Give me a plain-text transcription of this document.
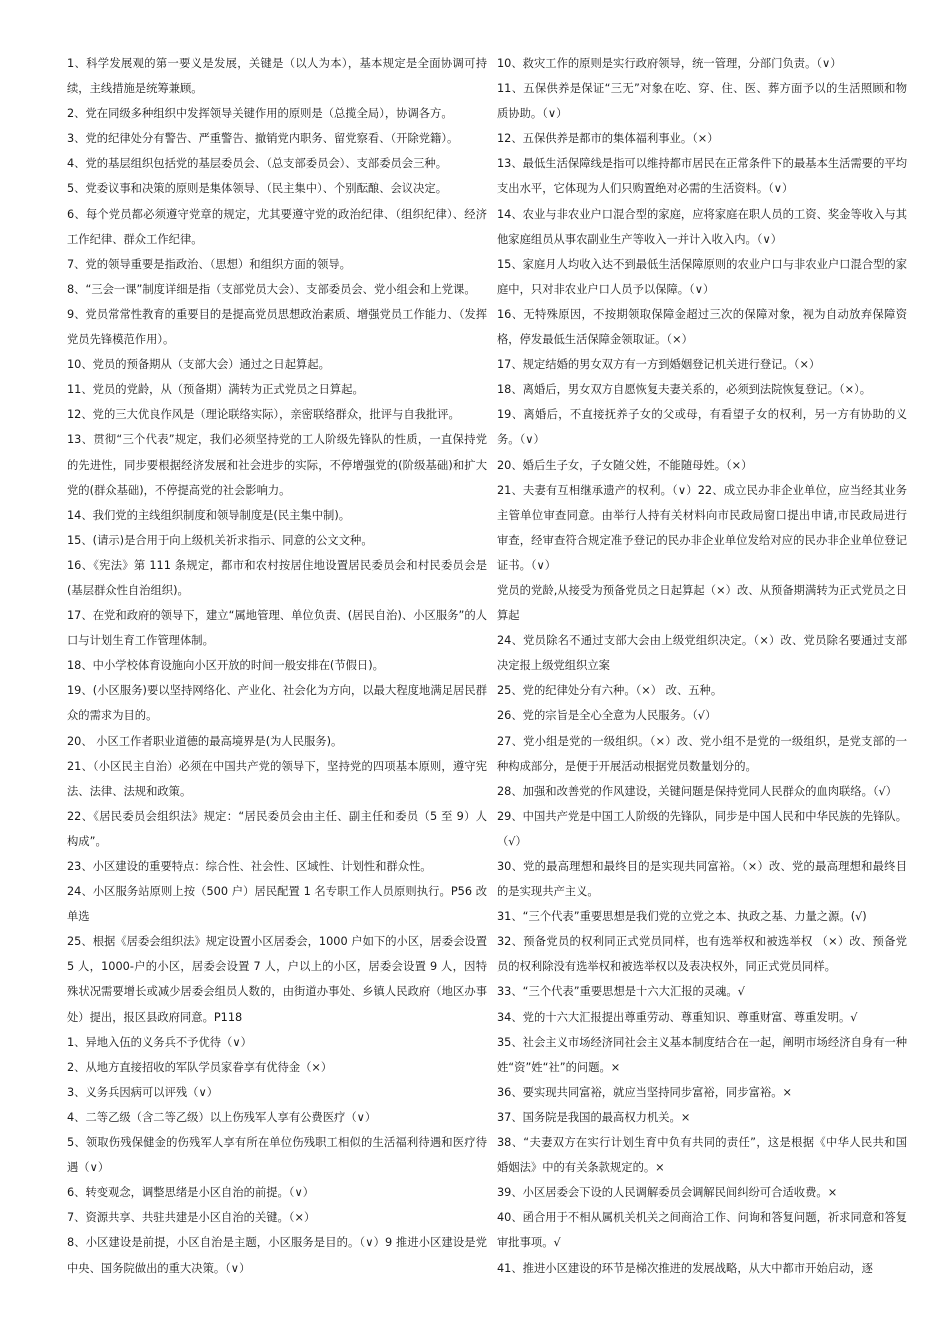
1、科学发展观的第一要义是发展，关键是（以人为本），基本规定是全面协调可持续，主线措施是统筹兼顾。

2、党在同级多种组织中发挥领导关键作用的原则是（总揽全局），协调各方。

3、党的纪律处分有警告、严重警告、撤销党内职务、留党察看、（开除党籍）。

4、党的基层组织包括党的基层委员会、（总支部委员会）、支部委员会三种。

5、党委议事和决策的原则是集体领导、（民主集中）、个别酝酿、会议决定。

6、每个党员都必须遵守党章的规定，尤其要遵守党的政治纪律、（组织纪律）、经济工作纪律、群众工作纪律。

7、党的领导重要是指政治、（思想）和组织方面的领导。

8、“三会一课”制度详细是指（支部党员大会）、支部委员会、党小组会和上党课。

9、党员常常性教育的重要目的是提高党员思想政治素质、增强党员工作能力、（发挥党员先锋模范作用）。

10、党员的预备期从（支部大会）通过之日起算起。

11、党员的党龄，从（预备期）满转为正式党员之日算起。

12、党的三大优良作风是（理论联络实际），亲密联络群众，批评与自我批评。

13、贯彻“三个代表”规定，我们必须坚持党的工人阶级先锋队的性质，一直保持党的先进性，同步要根据经济发展和社会进步的实际，不停增强党的(阶级基础)和扩大党的(群众基础)，不停提高党的社会影响力。

14、我们党的主线组织制度和领导制度是(民主集中制)。

15、(请示)是合用于向上级机关祈求指示、同意的公文文种。

16、《宪法》第 111 条规定，都市和农村按居住地设置居民委员会和村民委员会是(基层群众性自治组织)。

17、在党和政府的领导下，建立“属地管理、单位负责、(居民自治)、小区服务”的人口与计划生育工作管理体制。

18、中小学校体育设施向小区开放的时间一般安排在(节假日)。

19、(小区服务)要以坚持网络化、产业化、社会化为方向，以最大程度地满足居民群众的需求为目的。

20、 小区工作者职业道德的最高境界是(为人民服务)。

21、（小区民主自治）必须在中国共产党的领导下，坚持党的四项基本原则，遵守宪法、法律、法规和政策。

22、《居民委员会组织法》规定：“居民委员会由主任、副主任和委员（5 至 9）人构成”。

23、小区建设的重要特点：综合性、社会性、区域性、计划性和群众性。

24、小区服务站原则上按（500 户）居民配置 1 名专职工作人员原则执行。P56 改单选

25、根据《居委会组织法》规定设置小区居委会，1000 户如下的小区，居委会设置 5 人，1000-户的小区，居委会设置 7 人，户以上的小区，居委会设置 9 人，因特殊状况需要增长或减少居委会组员人数的，由街道办事处、乡镇人民政府（地区办事处）提出，报区县政府同意。P118

1、异地入伍的义务兵不予优待（∨）

2、从地方直接招收的军队学员家眷享有优待金（×）

3、义务兵因病可以评残（∨）

4、二等乙级（含二等乙级）以上伤残军人享有公费医疗（∨）

5、领取伤残保健金的伤残军人享有所在单位伤残职工相似的生活福利待遇和医疗待遇（∨）

6、转变观念，调整思绪是小区自治的前提。（∨）

7、资源共享、共驻共建是小区自治的关键。（×）

8、小区建设是前提，小区自治是主题，小区服务是目的。（∨）9 推进小区建设是党中央、国务院做出的重大决策。（∨）

10、救灾工作的原则是实行政府领导，统一管理，分部门负责。（∨）

11、五保供养是保证“三无”对象在吃、穿、住、医、葬方面予以的生活照顾和物质协助。（∨）

12、五保供养是都市的集体福利事业。（×）

13、最低生活保障线是指可以维持都市居民在正常条件下的最基本生活需要的平均支出水平，它体现为人们只购置绝对必需的生活资料。（∨）

14、农业与非农业户口混合型的家庭，应将家庭在职人员的工资、奖金等收入与其他家庭组员从事农副业生产等收入一并计入收入内。（∨）

15、家庭月人均收入达不到最低生活保障原则的农业户口与非农业户口混合型的家庭中，只对非农业户口人员予以保障。（∨）

16、无特殊原因，不按期领取保障金超过三次的保障对象，视为自动放弃保障资格，停发最低生活保障金领取证。（×）

17、规定结婚的男女双方有一方到婚姻登记机关进行登记。（×）

18、离婚后，男女双方自愿恢复夫妻关系的，必须到法院恢复登记。（×）。

19、离婚后，不直接抚养子女的父或母，有看望子女的权利，另一方有协助的义务。（∨）

20、婚后生子女，子女随父姓，不能随母姓。（×）

21、夫妻有互相继承遗产的权利。（∨）22、成立民办非企业单位，应当经其业务主管单位审查同意。由举行人持有关材料向市民政局窗口提出申请,市民政局进行审查，经审查符合规定准予登记的民办非企业单位发给对应的民办非企业单位登记证书。（∨）

党员的党龄,从接受为预备党员之日起算起（×）改、从预备期满转为正式党员之日算起

24、党员除名不通过支部大会由上级党组织决定。（×）改、党员除名要通过支部决定报上级党组织立案

25、党的纪律处分有六种。（×） 改、五种。

26、党的宗旨是全心全意为人民服务。（√）

27、党小组是党的一级组织。（×）改、党小组不是党的一级组织，是党支部的一种构成部分，是便于开展活动根据党员数量划分的。

28、加强和改善党的作风建设，关键问题是保持党同人民群众的血肉联络。（√）

29、中国共产党是中国工人阶级的先锋队，同步是中国人民和中华民族的先锋队。（√）

30、党的最高理想和最终目的是实现共同富裕。（×）改、党的最高理想和最终目的是实现共产主义。

31、“三个代表”重要思想是我们党的立党之本、执政之基、力量之源。(√)

32、预备党员的权利同正式党员同样，也有选举权和被选举权 （×）改、预备党员的权利除没有选举权和被选举权以及表决权外，同正式党员同样。

33、“三个代表”重要思想是十六大汇报的灵魂。√

34、党的十六大汇报提出尊重劳动、尊重知识、尊重财富、尊重发明。√

35、社会主义市场经济同社会主义基本制度结合在一起，阐明市场经济自身有一种姓“资”姓“社”的问题。×

36、要实现共同富裕，就应当坚持同步富裕，同步富裕。×

37、国务院是我国的最高权力机关。×

38、“夫妻双方在实行计划生育中负有共同的责任”，这是根据《中华人民共和国婚姻法》中的有关条款规定的。×

39、小区居委会下设的人民调解委员会调解民间纠纷可合适收费。×

40、函合用于不相从属机关机关之间商洽工作、问询和答复问题，祈求同意和答复审批事项。√

41、推进小区建设的环节是梯次推进的发展战略，从大中都市开始启动，逐
